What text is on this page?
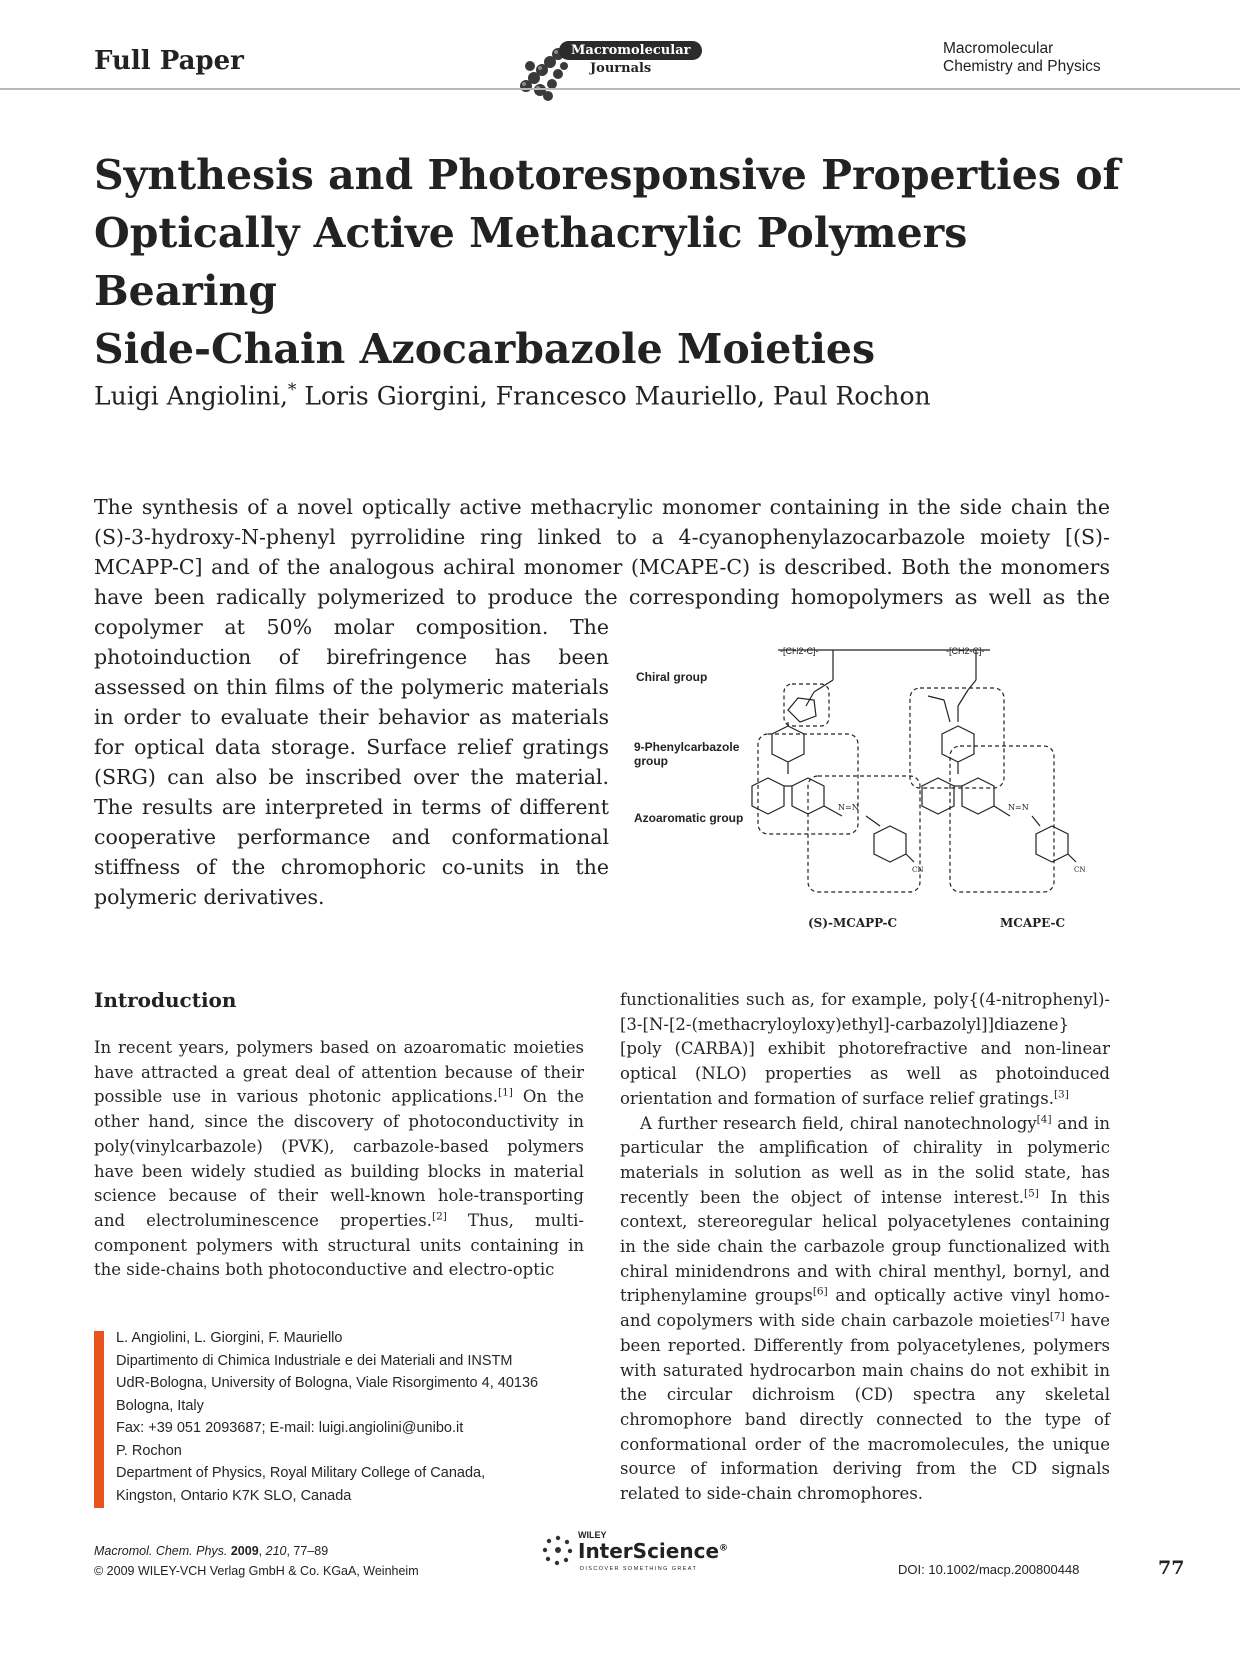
Full Paper	Macromolecular
Journals
Macromolecular
Chemistry and Physics
Synthesis and Photoresponsive Properties of
Optically Active Methacrylic Polymers Bearing
Side-Chain Azocarbazole Moieties
Luigi Angiolini,* Loris Giorgini, Francesco Mauriello, Paul Rochon
The synthesis of a novel optically active methacrylic monomer containing in the side chain the
(S)-3-hydroxy-N-phenyl pyrrolidine ring linked to a 4-cyanophenylazocarbazole moiety [(S)-
MCAPP-C] and of the analogous achiral monomer (MCAPE-C) is described. Both the monomers
have been radically polymerized to produce the corresponding homopolymers as well as the
copolymer at 50% molar composition. The photoinduction of birefringence has been assessed on thin films of the polymeric materials in order to evaluate their behavior as materials for optical data storage. Surface relief gratings (SRG) can also be inscribed over the material. The results are interpreted in terms of different cooperative performance and conformational stiffness of the chromophoric co-units in the polymeric derivatives.
-[CH2-C]-	-[CH2-C]-
N=N
CN
N=N
CN
Chiral group
9-Phenylcarbazole
group
Azoaromatic group
(S)-MCAPP-C	MCAPE-C
Introduction

In recent years, polymers based on azoaromatic moieties have attracted a great deal of attention because of their possible use in various photonic applications.[1] On the other hand, since the discovery of photoconductivity in poly(vinylcarbazole) (PVK), carbazole-based polymers have been widely studied as building blocks in material science because of their well-known hole-transporting and electroluminescence properties.[2] Thus, multi-component polymers with structural units containing in the side-chains both photoconductive and electro-optic

functionalities such as, for example, poly{(4-nitrophenyl)-[3-[N-[2-(methacryloyloxy)ethyl]-carbazolyl]]diazene} [poly (CARBA)] exhibit photorefractive and non-linear optical (NLO) properties as well as photoinduced orientation and formation of surface relief gratings.[3]

A further research field, chiral nanotechnology[4] and in particular the amplification of chirality in polymeric materials in solution as well as in the solid state, has recently been the object of intense interest.[5] In this context, stereoregular helical polyacetylenes containing in the side chain the carbazole group functionalized with chiral minidendrons and with chiral menthyl, bornyl, and triphenylamine groups[6] and optically active vinyl homo- and copolymers with side chain carbazole moieties[7] have been reported. Differently from polyacetylenes, polymers with saturated hydrocarbon main chains do not exhibit in the circular dichroism (CD) spectra any skeletal chromophore band directly connected to the type of conformational order of the macromolecules, the unique source of information deriving from the CD signals related to side-chain chromophores.

L. Angiolini, L. Giorgini, F. Mauriello
Dipartimento di Chimica Industriale e dei Materiali and INSTM
UdR-Bologna, University of Bologna, Viale Risorgimento 4, 40136
Bologna, Italy
Fax: +39 051 2093687; E-mail: luigi.angiolini@unibo.it
P. Rochon
Department of Physics, Royal Military College of Canada,
Kingston, Ontario K7K SLO, Canada
Macromol. Chem. Phys. 2009, 210, 77–89
© 2009 WILEY-VCH Verlag GmbH & Co. KGaA, Weinheim
WILEY
InterScience®
DISCOVER SOMETHING GREAT	DOI: 10.1002/macp.200800448	77
